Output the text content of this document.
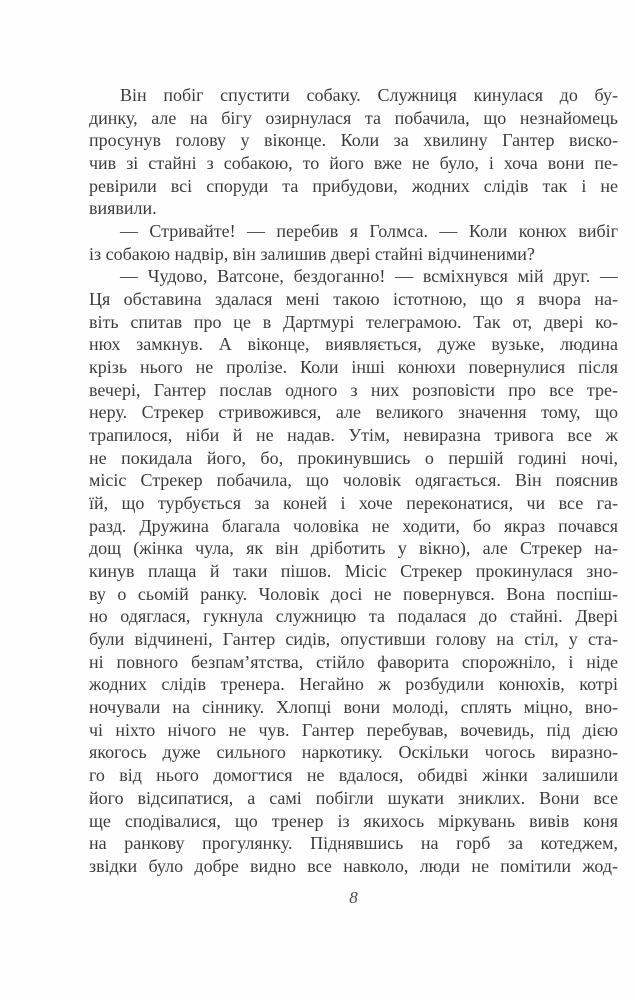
Він побіг спустити собаку. Служниця кинулася до бу-
динку, але на бігу озирнулася та побачила, що незнайомець
просунув голову у віконце. Коли за хвилину Гантер виско-
чив зі стайні з собакою, то його вже не було, і хоча вони пе-
ревірили всі споруди та прибудови, жодних слідів так і не
виявили.
— Стривайте! — перебив я Голмса. — Коли конюх вибіг
із собакою надвір, він залишив двері стайні відчиненими?
— Чудово, Ватсоне, бездоганно! — всміхнувся мій друг. —
Ця обставина здалася мені такою істотною, що я вчора на-
віть спитав про це в Дартмурі телеграмою. Так от, двері ко-
нюх замкнув. А віконце, виявляється, дуже вузьке, людина
крізь нього не пролізе. Коли інші конюхи повернулися після
вечері, Гантер послав одного з них розповісти про все тре-
неру. Стрекер стривожився, але великого значення тому, що
трапилося, ніби й не надав. Утім, невиразна тривога все ж
не покидала його, бо, прокинувшись о першій годині ночі,
місіс Стрекер побачила, що чоловік одягається. Він пояснив
їй, що турбується за коней і хоче переконатися, чи все га-
разд. Дружина благала чоловіка не ходити, бо якраз почався
дощ (жінка чула, як він дріботить у вікно), але Стрекер на-
кинув плаща й таки пішов. Місіс Стрекер прокинулася зно-
ву о сьомій ранку. Чоловік досі не повернувся. Вона поспіш-
но одяглася, гукнула служницю та подалася до стайні. Двері
були відчинені, Гантер сидів, опустивши голову на стіл, у ста-
ні повного безпам’ятства, стійло фаворита спорожніло, і ніде
жодних слідів тренера. Негайно ж розбудили конюхів, котрі
ночували на сіннику. Хлопці вони молоді, сплять міцно, вно-
чі ніхто нічого не чув. Гантер перебував, вочевидь, під дією
якогось дуже сильного наркотику. Оскільки чогось виразно-
го від нього домогтися не вдалося, обидві жінки залишили
його відсипатися, а самі побігли шукати зниклих. Вони все
ще сподівалися, що тренер із якихось міркувань вивів коня
на ранкову прогулянку. Піднявшись на горб за котеджем,
звідки було добре видно все навколо, люди не помітили жод-
8
